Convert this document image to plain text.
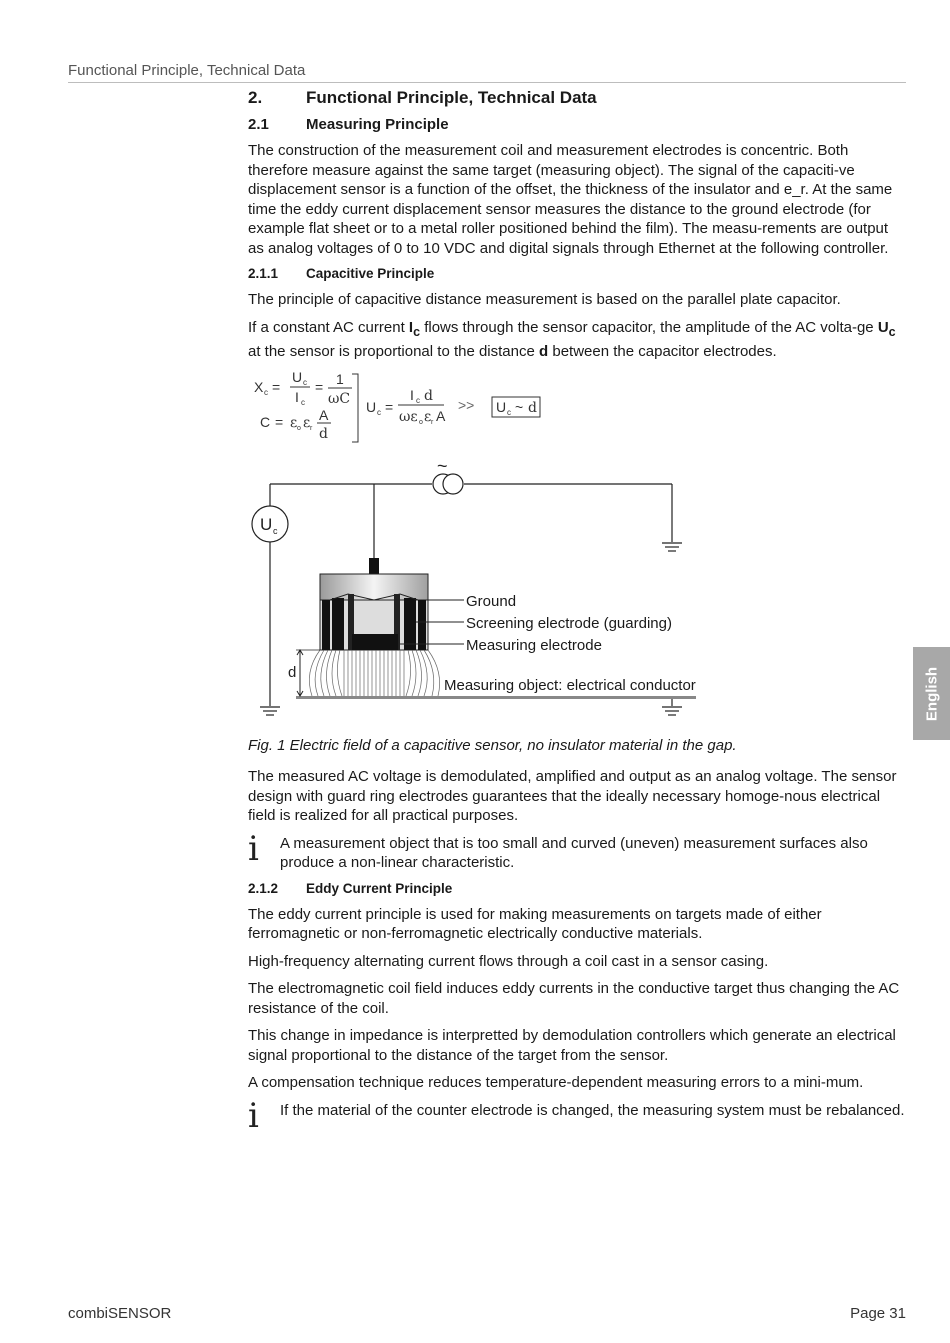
Functional Principle, Technical Data
2.	Functional Principle, Technical Data
2.1 Measuring Principle

The construction of the measurement coil and measurement electrodes is concentric. Both therefore measure against the same target (measuring object). The signal of the capaciti-ve displacement sensor is a function of the offset, the thickness of the insulator and e_r. At the same time the eddy current displacement sensor measures the distance to the ground electrode (for example flat sheet or to a metal roller positioned behind the film). The measu-rements are output as analog voltages of 0 to 10 VDC and digital signals through Ethernet at the following controller.

2.1.1 Capacitive Principle

The principle of capacitive distance measurement is based on the parallel plate capacitor.

If a constant AC current $I_c$ flows through the sensor capacitor, the amplitude of the AC volta-ge $U_c$ at the sensor is proportional to the distance d between the capacitor electrodes.

X c =
U c
I c
= 1
ωC
C = ε o ε r
A
d
U c =
I c d
ωε o ε r A
>> U c ~ d
~
U c
d
Ground
Screening electrode (guarding)
Measuring electrode
Measuring object: electrical conductor
Fig. 1 Electric field of a capacitive sensor, no insulator material in the gap.

The measured AC voltage is demodulated, amplified and output as an analog voltage. The sensor design with guard ring electrodes guarantees that the ideally necessary homoge-nous electrical field is realized for all practical purposes.

i A measurement object that is too small and curved (uneven) measurement surfaces also produce a non-linear characteristic.

2.1.2 Eddy Current Principle

The eddy current principle is used for making measurements on targets made of either ferromagnetic or non-ferromagnetic electrically conductive materials.

High-frequency alternating current flows through a coil cast in a sensor casing.

The electromagnetic coil field induces eddy currents in the conductive target thus changing the AC resistance of the coil.

This change in impedance is interpretted by demodulation controllers which generate an electrical signal proportional to the distance of the target from the sensor.

A compensation technique reduces temperature-dependent measuring errors to a mini-mum.

i If the material of the counter electrode is changed, the measuring system must be rebalanced.

English
combiSENSOR	Page 31
